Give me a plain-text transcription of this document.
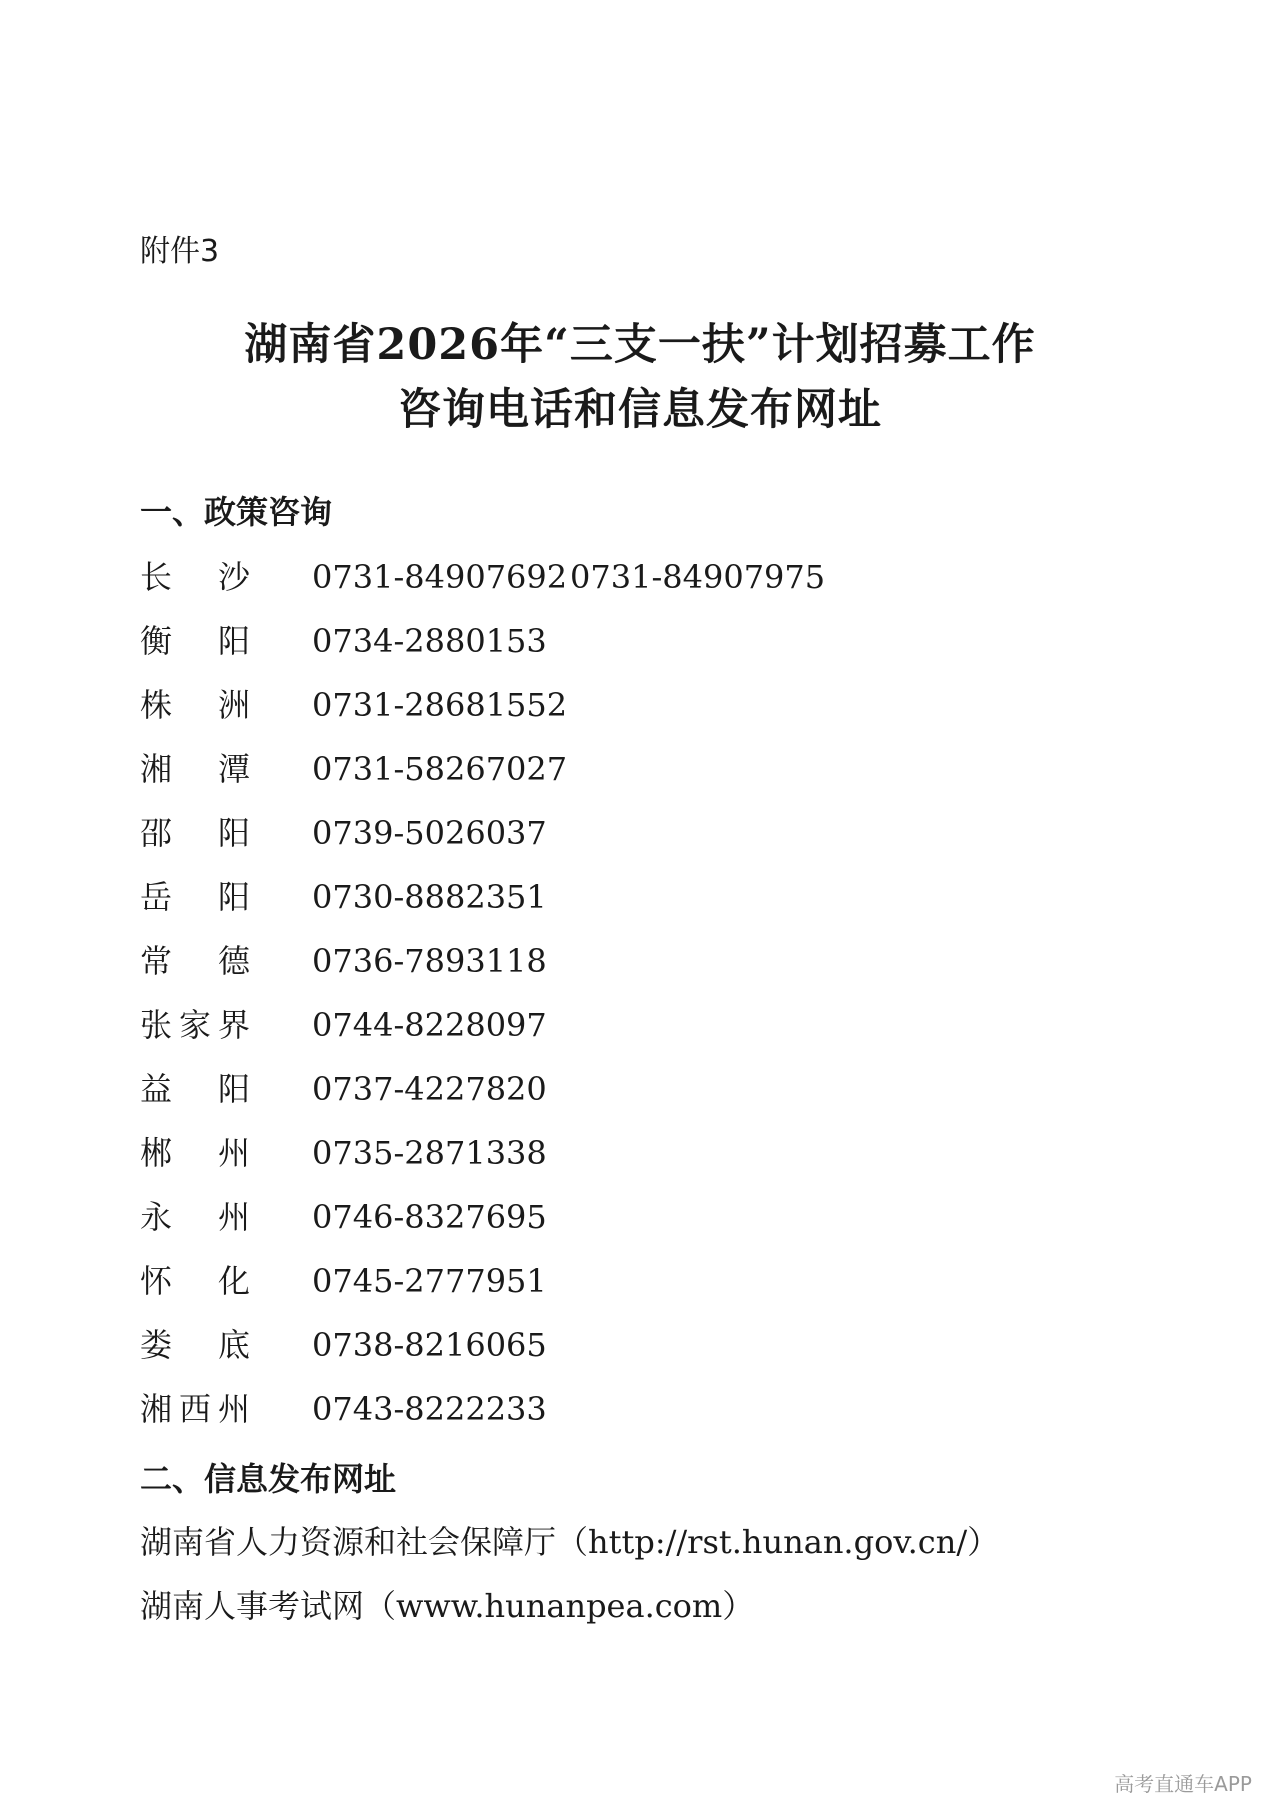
附件3
湖南省2026年“三支一扶”计划招募工作
咨询电话和信息发布网址
一、政策咨询
长沙 0731-84907692 0731-84907975
衡阳 0734-2880153
株洲 0731-28681552
湘潭 0731-58267027
邵阳 0739-5026037
岳阳 0730-8882351
常德 0736-7893118
张家界 0744-8228097
益阳 0737-4227820
郴州 0735-2871338
永州 0746-8327695
怀化 0745-2777951
娄底 0738-8216065
湘西州 0743-8222233
二、信息发布网址
湖南省人力资源和社会保障厅（http://rst.hunan.gov.cn/）
湖南人事考试网（www.hunanpea.com）
高考直通车APP
